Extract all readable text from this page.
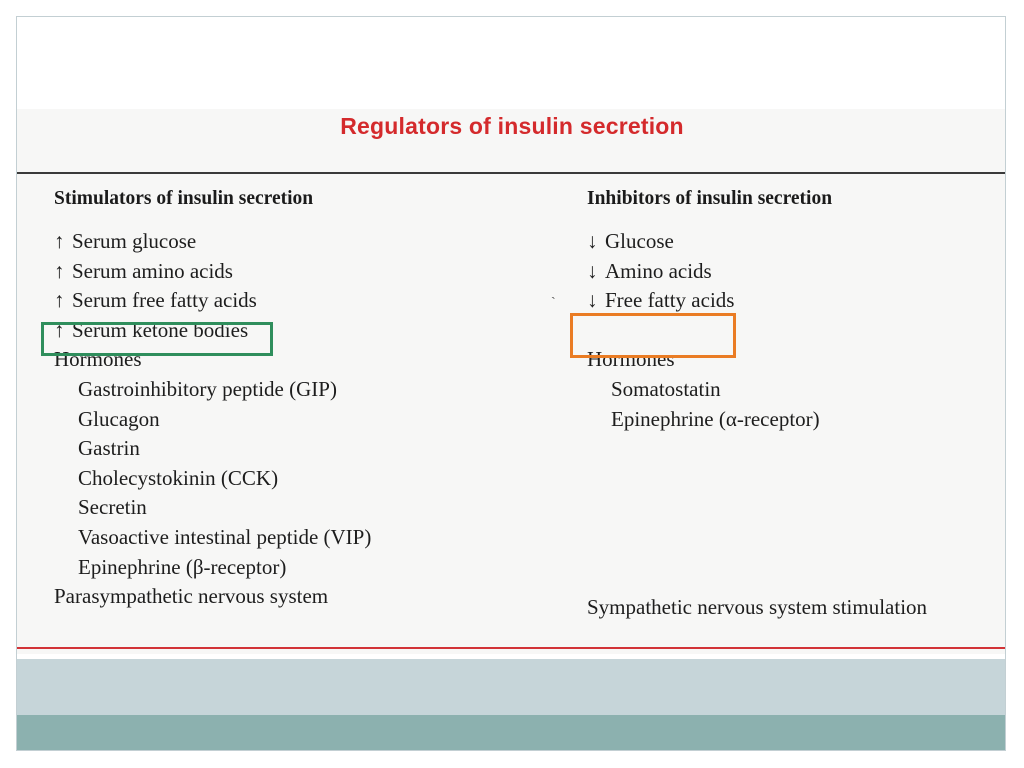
Regulators of insulin secretion
Stimulators of insulin secretion
↑ Serum glucose
↑ Serum amino acids
↑ Serum free fatty acids
↑ Serum ketone bodies
Hormones
Gastroinhibitory peptide (GIP)
Glucagon
Gastrin
Cholecystokinin (CCK)
Secretin
Vasoactive intestinal peptide (VIP)
Epinephrine (β-receptor)
Parasympathetic nervous system
Inhibitors of insulin secretion
↓ Glucose
↓ Amino acids
↓ Free fatty acids
Hormones
Somatostatin
Epinephrine (α-receptor)
Sympathetic nervous system stimulation
ˏ
